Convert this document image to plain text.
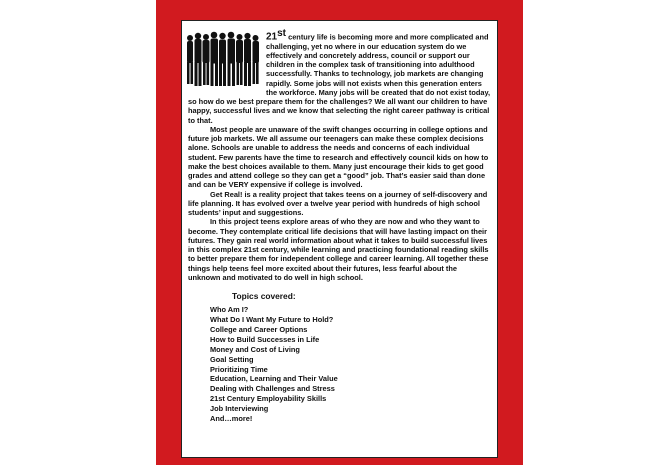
21st century life is becoming more and more complicated and challenging, yet no where in our education system do we effectively and concretely address, council or support our children in the complex task of transitioning into adulthood successfully. Thanks to technology, job markets are changing rapidly. Some jobs will not exists when this generation enters the workforce. Many jobs will be created that do not exist today, so how do we best prepare them for the challenges? We all want our children to have happy, successful lives and we know that selecting the right career pathway is critical to that.

Most people are unaware of the swift changes occurring in college options and future job markets. We all assume our teenagers can make these complex decisions alone. Schools are unable to address the needs and concerns of each individual student. Few parents have the time to research and effectively council kids on how to make the best choices available to them. Many just encourage their kids to get good grades and attend college so they can get a “good” job. That’s easier said than done and can be VERY expensive if college is involved.

Get Real! is a reality project that takes teens on a journey of self-discovery and life planning. It has evolved over a twelve year period with hundreds of high school students’ input and suggestions.

In this project teens explore areas of who they are now and who they want to become. They contemplate critical life decisions that will have lasting impact on their futures. They gain real world information about what it takes to build successful lives in this complex 21st century, while learning and practicing foundational reading skills to better prepare them for independent college and career learning. All together these things help teens feel more excited about their futures, less fearful about the unknown and motivated to do well in high school.

Topics covered:
Who Am I?
What Do I Want My Future to Hold?
College and Career Options
How to Build Successes in Life
Money and Cost of Living
Goal Setting
Prioritizing Time
Education, Learning and Their Value
Dealing with Challenges and Stress
21st Century Employability Skills
Job Interviewing
And…more!
